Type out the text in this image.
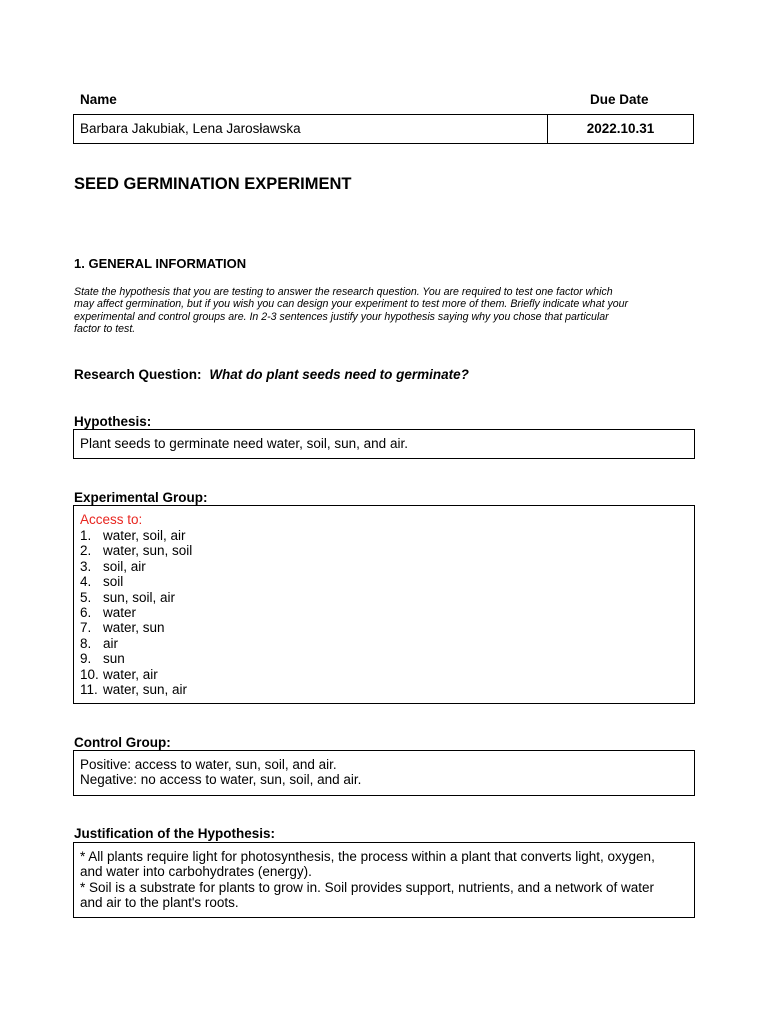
Name	Due Date
Barbara Jakubiak, Lena Jarosławska	2022.10.31
SEED GERMINATION EXPERIMENT
1. GENERAL INFORMATION
State the hypothesis that you are testing to answer the research question. You are required to test one factor which
may affect germination, but if you wish you can design your experiment to test more of them. Briefly indicate what your
experimental and control groups are. In 2-3 sentences justify your hypothesis saying why you chose that particular
factor to test.
Research Question: What do plant seeds need to germinate?
Hypothesis:
Plant seeds to germinate need water, soil, sun, and air.
Experimental Group:
Access to:
1. water, soil, air
2. water, sun, soil
3. soil, air
4. soil
5. sun, soil, air
6. water
7. water, sun
8. air
9. sun
10. water, air
11. water, sun, air
Control Group:
Positive: access to water, sun, soil, and air.
Negative: no access to water, sun, soil, and air.
Justification of the Hypothesis:
* All plants require light for photosynthesis, the process within a plant that converts light, oxygen,
and water into carbohydrates (energy).
* Soil is a substrate for plants to grow in. Soil provides support, nutrients, and a network of water
and air to the plant's roots.
